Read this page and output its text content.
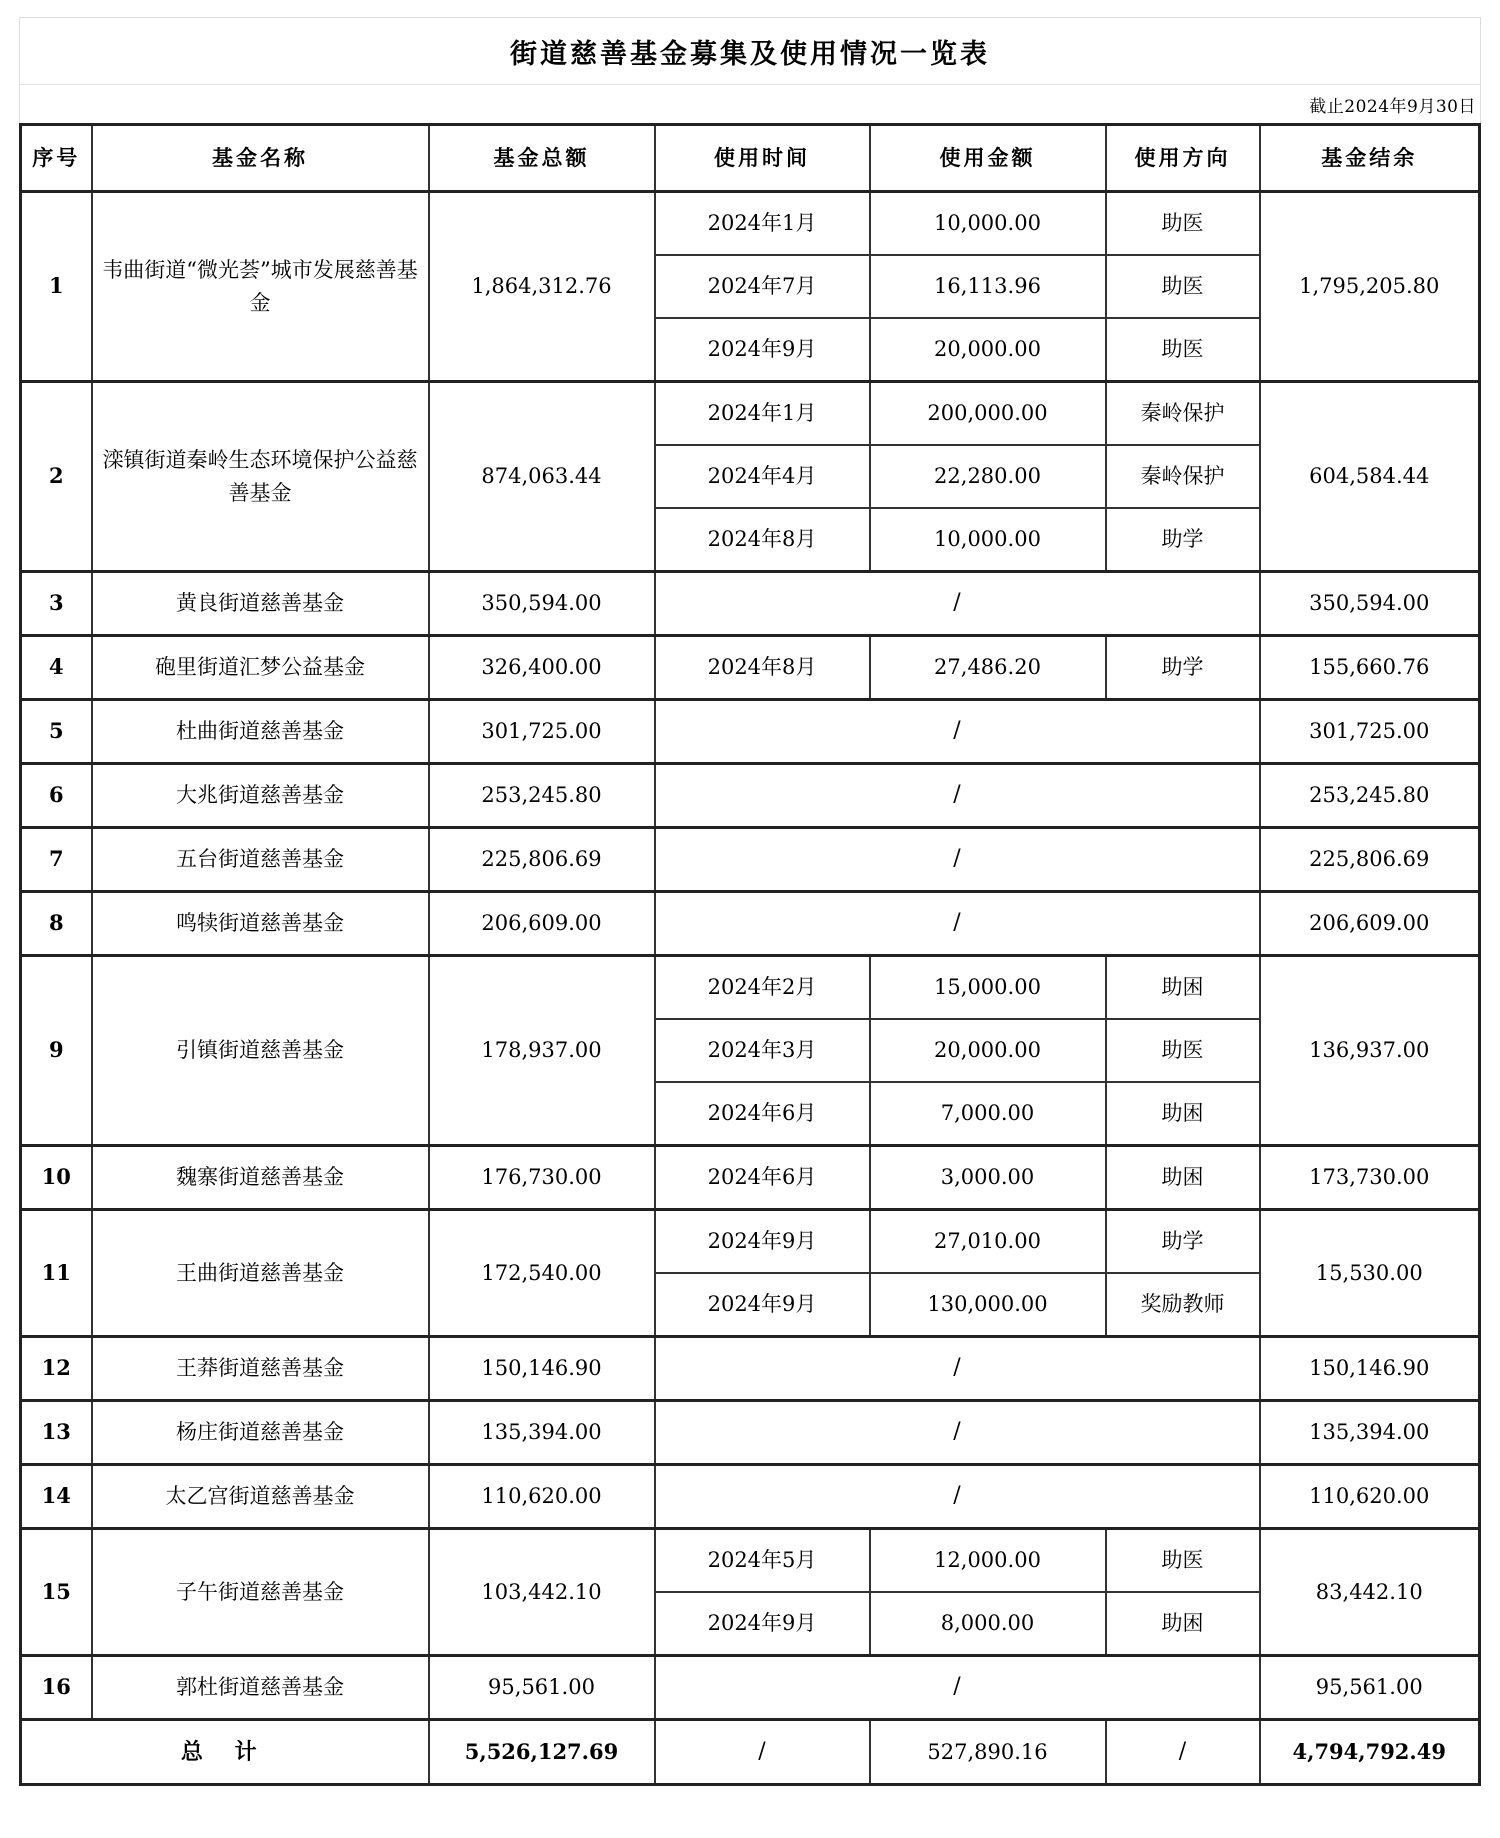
街道慈善基金募集及使用情况一览表
截止2024年9月30日
序号	基金名称	基金总额	使用时间	使用金额	使用方向	基金结余
1	韦曲街道“微光荟”城市发展慈善基金	1,864,312.76	2024年1月	10,000.00	助医	1,795,205.80
			2024年7月	16,113.96	助医	
			2024年9月	20,000.00	助医	
2	滦镇街道秦岭生态环境保护公益慈善基金	874,063.44	2024年1月	200,000.00	秦岭保护	604,584.44
			2024年4月	22,280.00	秦岭保护	
			2024年8月	10,000.00	助学	
3	黄良街道慈善基金	350,594.00	/			350,594.00
4	砲里街道汇梦公益基金	326,400.00	2024年8月	27,486.20	助学	155,660.76
5	杜曲街道慈善基金	301,725.00	/			301,725.00
6	大兆街道慈善基金	253,245.80	/			253,245.80
7	五台街道慈善基金	225,806.69	/			225,806.69
8	鸣犊街道慈善基金	206,609.00	/			206,609.00
9	引镇街道慈善基金	178,937.00	2024年2月	15,000.00	助困	136,937.00
			2024年3月	20,000.00	助医	
			2024年6月	7,000.00	助困	
10	魏寨街道慈善基金	176,730.00	2024年6月	3,000.00	助困	173,730.00
11	王曲街道慈善基金	172,540.00	2024年9月	27,010.00	助学	15,530.00
			2024年9月	130,000.00	奖励教师	
12	王莽街道慈善基金	150,146.90	/			150,146.90
13	杨庄街道慈善基金	135,394.00	/			135,394.00
14	太乙宫街道慈善基金	110,620.00	/			110,620.00
15	子午街道慈善基金	103,442.10	2024年5月	12,000.00	助医	83,442.10
			2024年9月	8,000.00	助困	
16	郭杜街道慈善基金	95,561.00	/			95,561.00
总 计		5,526,127.69	/	527,890.16	/	4,794,792.49
